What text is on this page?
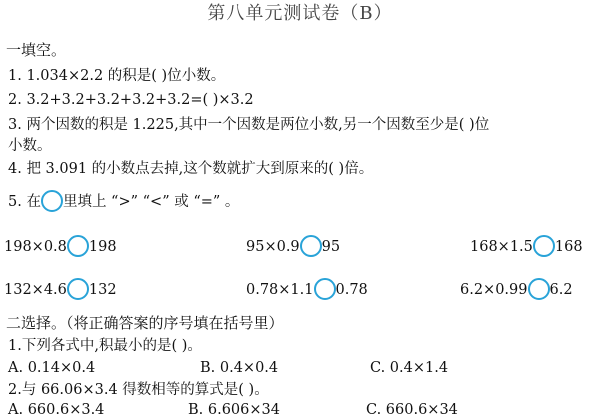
第八单元测试卷（B）
一填空。
1. 1.034×2.2 的积是( )位小数。
2. 3.2+3.2+3.2+3.2+3.2=( )×3.2
3. 两个因数的积是 1.225,其中一个因数是两位小数,另一个因数至少是( )位
小数。
4. 把 3.091 的小数点去掉,这个数就扩大到原来的( )倍。
5. 在 里填上 “>” “<” 或 “=” 。
198×0.8 198	95×0.9 95	168×1.5 168
132×4.6 132	0.78×1.1 0.78	6.2×0.99 6.2
二选择。（将正确答案的序号填在括号里）
1.下列各式中,积最小的是( )。
A. 0.14×0.4	B. 0.4×0.4	C. 0.4×1.4
2.与 66.06×3.4 得数相等的算式是( )。
A. 660.6×3.4	B. 6.606×34	C. 660.6×34
